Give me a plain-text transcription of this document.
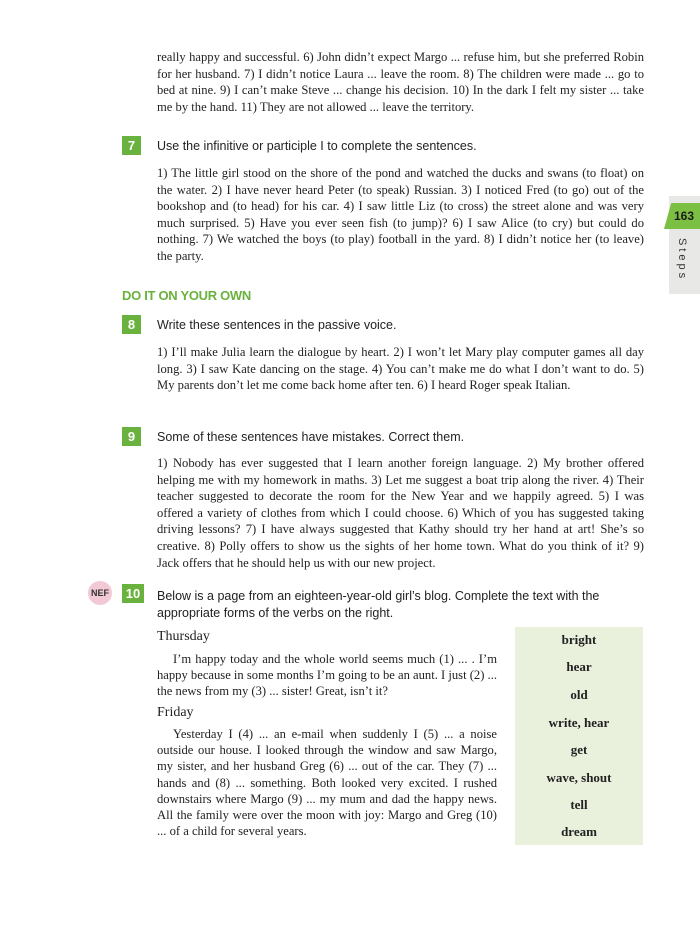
really happy and successful. 6) John didn’t expect Margo ... refuse him, but she preferred Robin for her husband. 7) I didn’t notice Laura ... leave the room. 8) The children were made ... go to bed at nine. 9) I can’t make Steve ... change his decision. 10) In the dark I felt my sister ... take me by the hand. 11) They are not allowed ... leave the territory.
7	Use the infinitive or participle I to complete the sentences.
1) The little girl stood on the shore of the pond and watched the ducks and swans (to float) on the water. 2) I have never heard Peter (to speak) Russian. 3) I noticed Fred (to go) out of the bookshop and (to head) for his car. 4) I saw little Liz (to cross) the street alone and was very much surprised. 5) Have you ever seen fish (to jump)? 6) I saw Alice (to cry) but could do nothing. 7) We watched the boys (to play) football in the yard. 8) I didn’t notice her (to leave) the party.
163
Steps
DO IT ON YOUR OWN
8	Write these sentences in the passive voice.
1) I’ll make Julia learn the dialogue by heart. 2) I won’t let Mary play computer games all day long. 3) I saw Kate dancing on the stage. 4) You can’t make me do what I don’t want to do. 5) My parents don’t let me come back home after ten. 6) I heard Roger speak Italian.
9	Some of these sentences have mistakes. Correct them.
1) Nobody has ever suggested that I learn another foreign language. 2) My brother offered helping me with my homework in maths. 3) Let me suggest a boat trip along the river. 4) Their teacher suggested to decorate the room for the New Year and we happily agreed. 5) I was offered a variety of clothes from which I could choose. 6) Which of you has suggested taking driving lessons? 7) I have always suggested that Kathy should try her hand at art! She’s so creative. 8) Polly offers to show us the sights of her home town. What do you think of it? 9) Jack offers that he should help us with our new project.
NEF 10	Below is a page from an eighteen-year-old girl’s blog. Complete the text with the appropriate forms of the verbs on the right.
Thursday
I’m happy today and the whole world seems much (1) ... . I’m happy because in some months I’m going to be an aunt. I just (2) ... the news from my (3) ... sister! Great, isn’t it?
Friday
Yesterday I (4) ... an e-mail when suddenly I (5) ... a noise outside our house. I looked through the window and saw Margo, my sister, and her husband Greg (6) ... out of the car. They (7) ... hands and (8) ... something. Both looked very excited. I rushed downstairs where Margo (9) ... my mum and dad the happy news. All the family were over the moon with joy: Margo and Greg (10) ... of a child for several years.
bright
hear
old
write, hear
get
wave, shout
tell
dream
